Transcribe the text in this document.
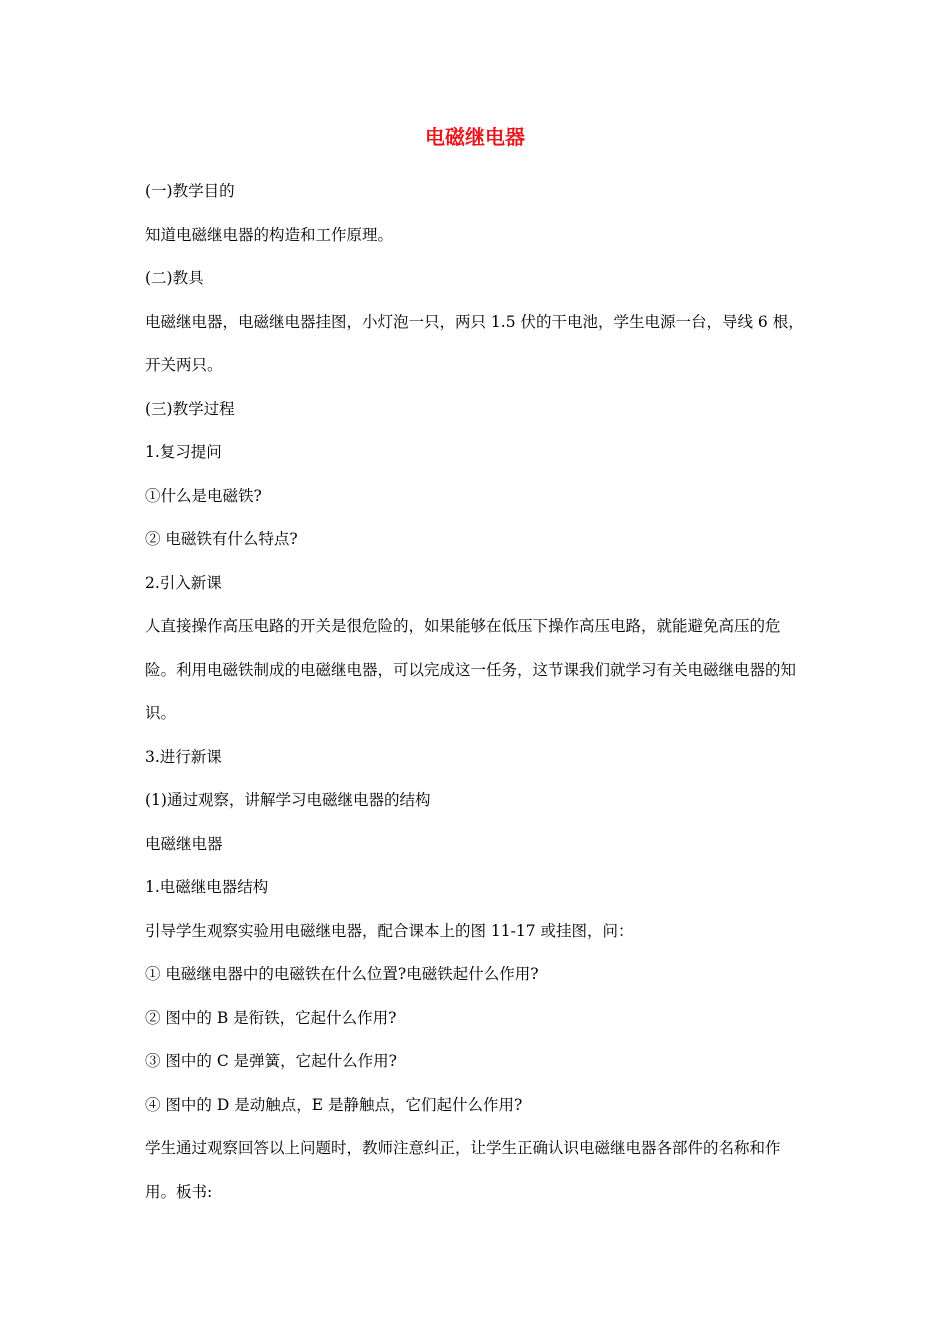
电磁继电器

(一)教学目的

知道电磁继电器的构造和工作原理。

(二)教具

电磁继电器，电磁继电器挂图，小灯泡一只，两只 1.5 伏的干电池，学生电源一台，导线 6 根，开关两只。

(三)教学过程

1.复习提问

①什么是电磁铁?

② 电磁铁有什么特点?

2.引入新课

人直接操作高压电路的开关是很危险的，如果能够在低压下操作高压电路，就能避免高压的危险。利用电磁铁制成的电磁继电器，可以完成这一任务，这节课我们就学习有关电磁继电器的知识。

3.进行新课

(1)通过观察，讲解学习电磁继电器的结构

电磁继电器

1.电磁继电器结构

引导学生观察实验用电磁继电器，配合课本上的图 11-17 或挂图，问：

① 电磁继电器中的电磁铁在什么位置?电磁铁起什么作用?

② 图中的 B 是衔铁，它起什么作用?

③ 图中的 C 是弹簧，它起什么作用?

④ 图中的 D 是动触点，E 是静触点，它们起什么作用?

学生通过观察回答以上问题时，教师注意纠正，让学生正确认识电磁继电器各部件的名称和作用。板书:
